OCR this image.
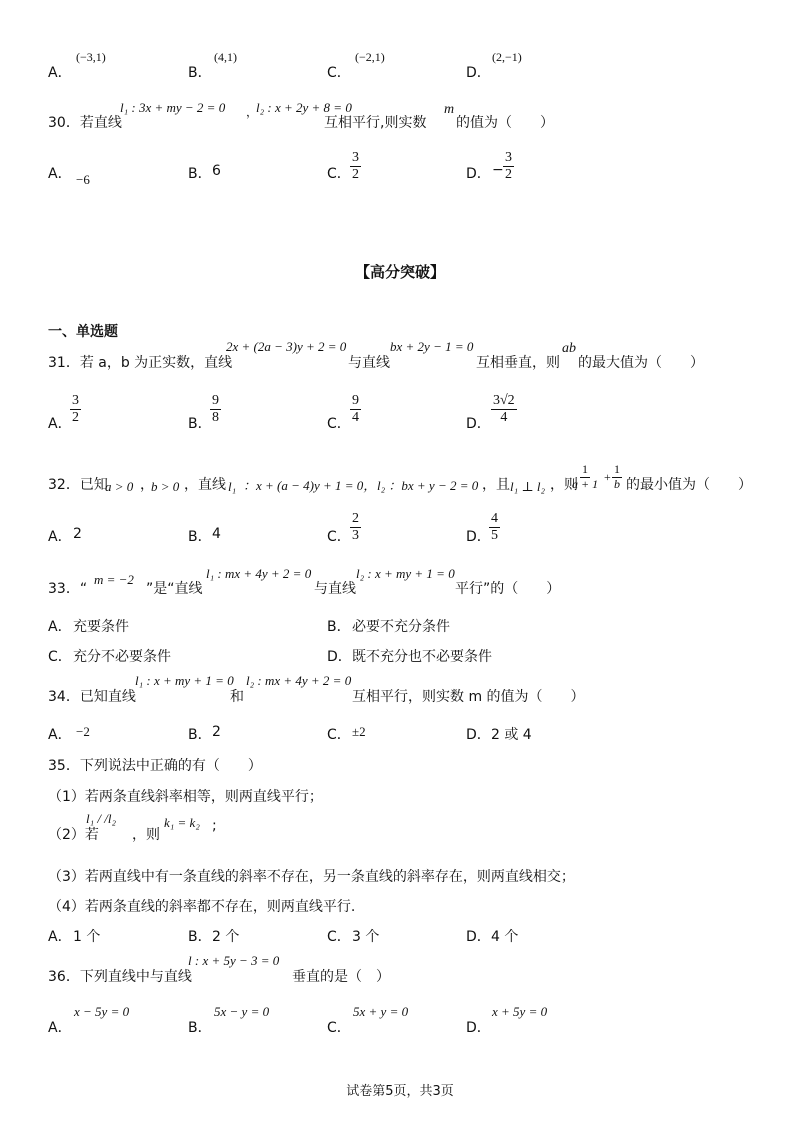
A．
(−3,1)
B．
(4,1)
C．
(−2,1)
D．
(2,−1)
30．若直线
l₁ : 3x + my − 2 = 0 ，
l₂ : x + 2y + 8 = 0
互相平行,则实数
m
的值为（　　）
A． −6	B． 6	C． $\frac{3}{2}$	D． − $\frac{3}{2}$
【高分突破】
一、单选题
31．若 a，b 为正实数，直线
2x + (2a − 3)y + 2 = 0
与直线
bx + 2y − 1 = 0
互相垂直，则
ab
的最大值为（　　）
A．
$\frac{3}{2}$	B．
$\frac{9}{8}$	C． $\frac{9}{4}$	D． $\frac{3√2}{4}$
32．已知
a > 0 ，
b > 0 ，直线 l₁ ：x + (a − 4)y + 1 = 0， l₂ ：bx + y − 2 = 0 ，且 l₁ ⊥ l₂ ，则
$\frac{1}{a + 1} + \frac{1}{b}$ 的最小值为（　　）
A． 2	B． 4	C． $\frac{2}{3}$	D．
$\frac{4}{5}$
33．“
m = −2
”是“直线
l₁ : mx + 4y + 2 = 0
与直线
l₂ : x + my + 1 = 0
平行”的（　　）
A． 充要条件	B． 必要不充分条件
C． 充分不必要条件	D． 既不充分也不必要条件
34．已知直线
l₁ : x + my + 1 = 0
和
l₂ : mx + 4y + 2 = 0
互相平行，则实数 m 的值为（　　）
A． −2	B． 2	C． ±2	D． 2 或 4
35．下列说法中正确的有（　　）
（1）若两条直线斜率相等，则两直线平行；
（2）若
l₁ / /l₂
，则
k₁ = k₂ ;
（3）若两直线中有一条直线的斜率不存在，另一条直线的斜率存在，则两直线相交；
（4）若两条直线的斜率都不存在，则两直线平行.
A． 1 个	B． 2 个	C． 3 个	D． 4 个
36．下列直线中与直线
l : x + 5y − 3 = 0
垂直的是（　）
A．
x − 5y = 0
B．
5x − y = 0
C．
5x + y = 0
D．
x + 5y = 0
试卷第5页，共3页
